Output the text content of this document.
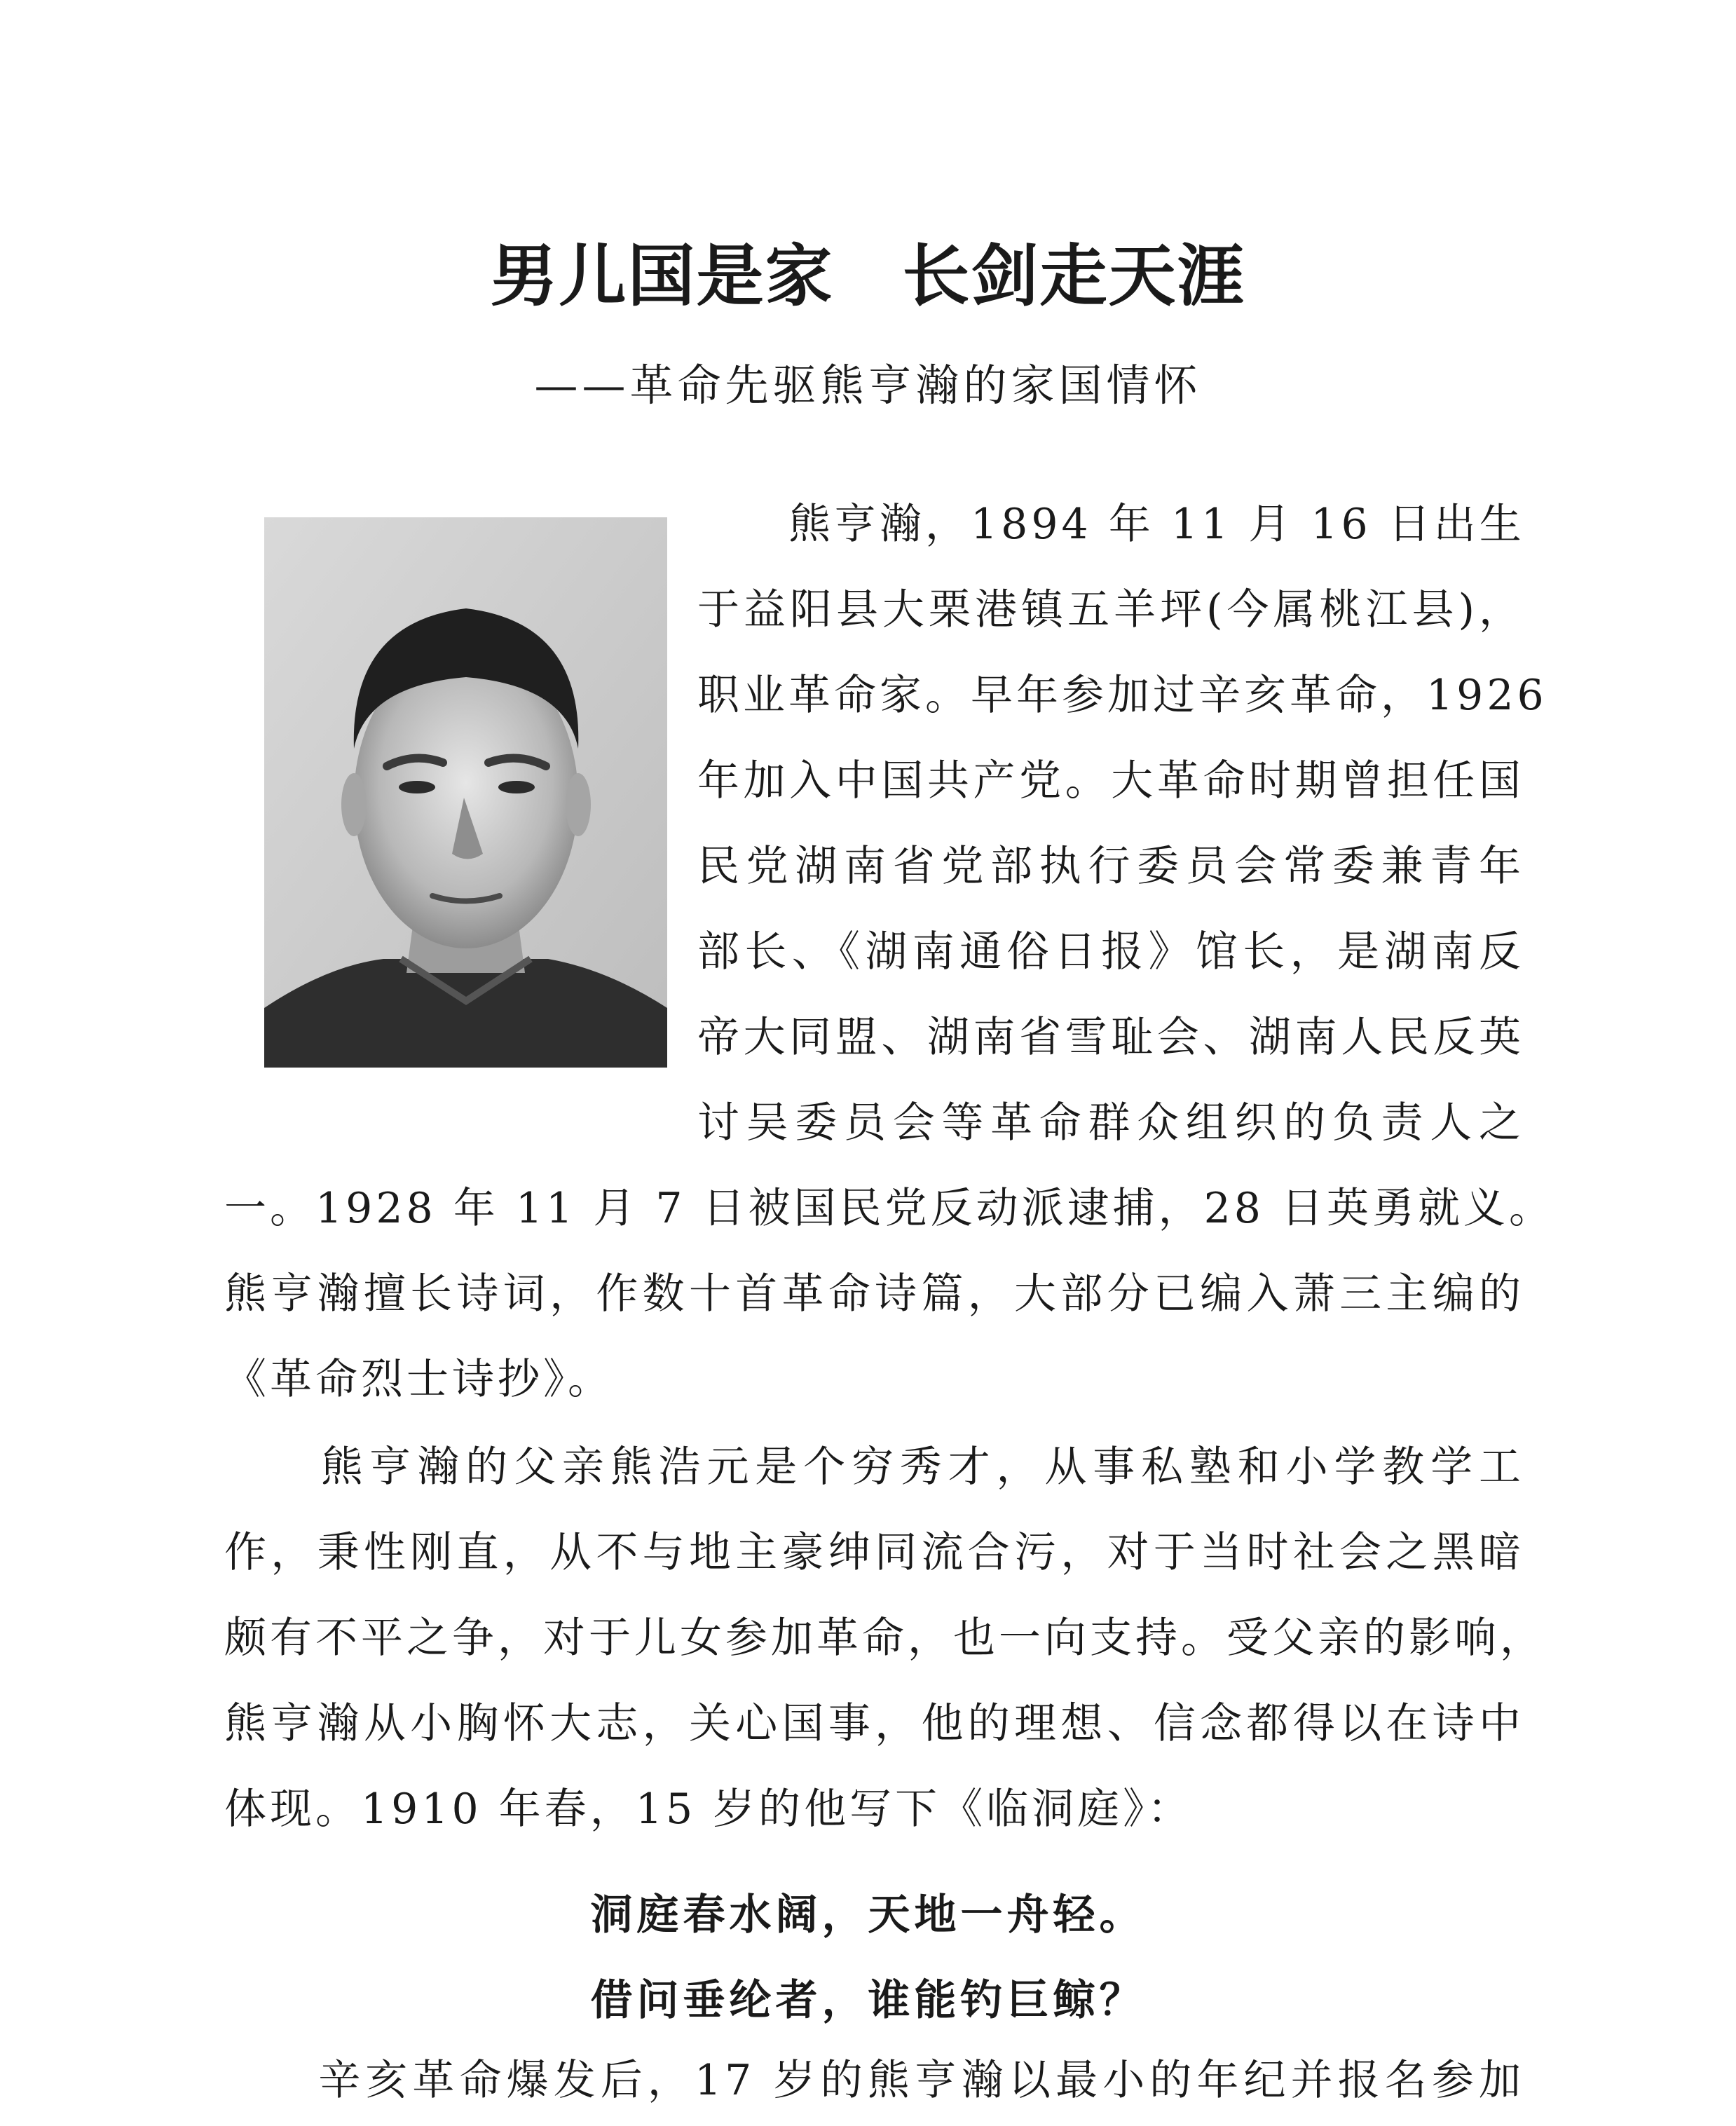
男儿国是家　长剑走天涯
——革命先驱熊亨瀚的家国情怀
　　熊亨瀚，1894 年 11 月 16 日出生
于益阳县大栗港镇五羊坪(今属桃江县)，
职业革命家。早年参加过辛亥革命，1926
年加入中国共产党。大革命时期曾担任国
民党湖南省党部执行委员会常委兼青年
部长、《湖南通俗日报》馆长，是湖南反
帝大同盟、湖南省雪耻会、湖南人民反英
讨吴委员会等革命群众组织的负责人之
一。1928 年 11 月 7 日被国民党反动派逮捕，28 日英勇就义。
熊亨瀚擅长诗词，作数十首革命诗篇，大部分已编入萧三主编的
《革命烈士诗抄》。
　　熊亨瀚的父亲熊浩元是个穷秀才，从事私塾和小学教学工
作，秉性刚直，从不与地主豪绅同流合污，对于当时社会之黑暗
颇有不平之争，对于儿女参加革命，也一向支持。受父亲的影响，
熊亨瀚从小胸怀大志，关心国事，他的理想、信念都得以在诗中
体现。1910 年春，15 岁的他写下《临洞庭》：
洞庭春水阔，天地一舟轻。
借问垂纶者，谁能钓巨鲸？
　　辛亥革命爆发后，17 岁的熊亨瀚以最小的年纪并报名参加
